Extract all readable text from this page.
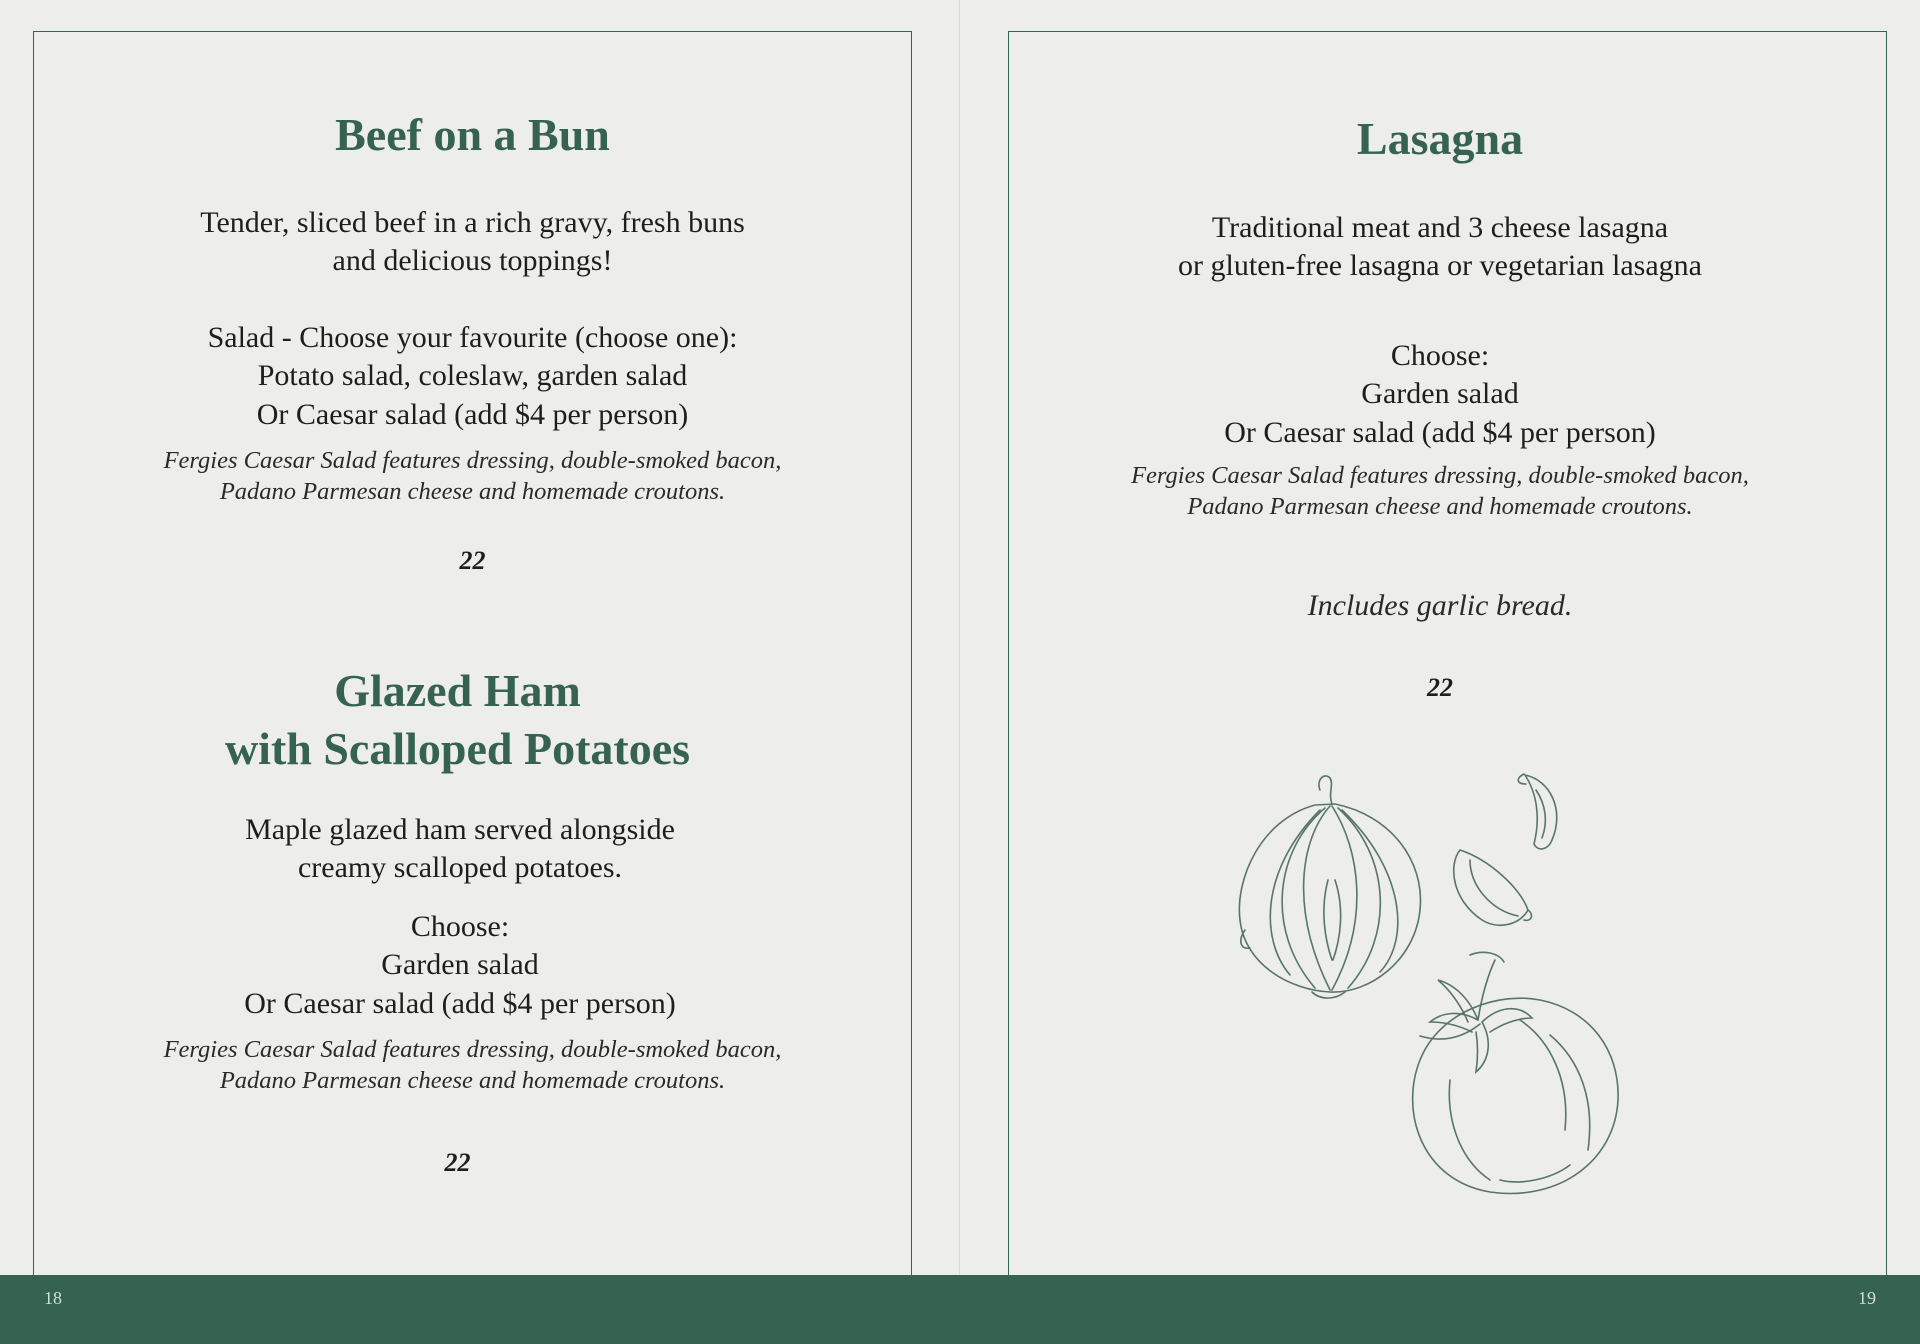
Beef on a Bun
Tender, sliced beef in a rich gravy, fresh buns
and delicious toppings!
Salad - Choose your favourite (choose one):
Potato salad, coleslaw, garden salad
Or Caesar salad (add $4 per person)
Fergies Caesar Salad features dressing, double-smoked bacon,
Padano Parmesan cheese and homemade croutons.
22
Glazed Ham
with Scalloped Potatoes
Maple glazed ham served alongside
creamy scalloped potatoes.
Choose:
Garden salad
Or Caesar salad (add $4 per person)
Fergies Caesar Salad features dressing, double-smoked bacon,
Padano Parmesan cheese and homemade croutons.
22
Lasagna
Traditional meat and 3 cheese lasagna
or gluten-free lasagna or vegetarian lasagna
Choose:
Garden salad
Or Caesar salad (add $4 per person)
Fergies Caesar Salad features dressing, double-smoked bacon,
Padano Parmesan cheese and homemade croutons.
Includes garlic bread.
22
18	19
